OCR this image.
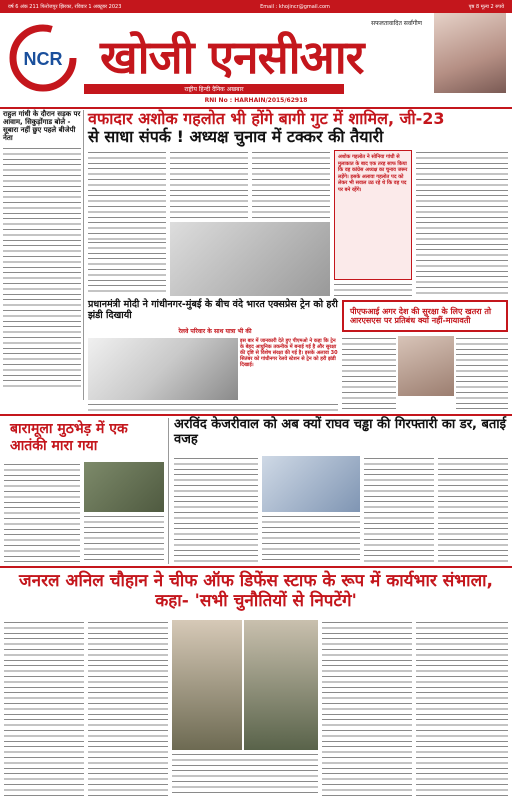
वर्ष 6 अंक 211 फिरोजपुर झिरका, रविवार 1 अक्टूबर 2023	Email : khojincr@gmail.com	पृष्ठ 8 मूल्य 2 रुपये
NCR
सफलतावादित सर्वांगीण
खोजी एनसीआर
राष्ट्रीय हिन्दी दैनिक अखबार
RNI No : HARHAIN/2015/62918
राहुल गांधी के दौरान सड़क पर आवाम, सिकुड़ोंगाड बोले - सूबारा नहीं छुए पहले बीजेपी नेता
वफादार अशोक गहलोत भी होंगे बागी गुट में शामिल, जी-23
से साधा संपर्क ! अध्यक्ष चुनाव में टक्कर की तैयारी
अशोक गहलोत ने सोनिया गांधी से मुलाकात के बाद एक तरह साफ किया कि वह कांग्रेस अध्यक्ष का चुनाव जरूर लड़ेंगे। इसके अलावा गहलोत पद को लेकर भी सवाल उठ रहे थे कि वह पद पर बने रहेंगे।
प्रधानमंत्री मोदी ने गांधीनगर-मुंबई के बीच वंदे भारत एक्सप्रेस ट्रेन को हरी झंडी दिखायी
रेलवे परिवार के साथ यात्रा भी की
इस बार में जानकारी देते हुए पीएमओ ने कहा कि ट्रेन के बेहद आधुनिक तकनीक में बनाई गई है और सुरक्षा की दृष्टि से विशेष संरक्षा की गई है। इसके अलावा 30 सितंबर को गांधीनगर रेलवे स्टेशन से ट्रेन को हरी झंडी दिखाई।
पीएफआई अगर देश की सुरक्षा के लिए खतरा तो आरएसएस पर प्रतिबंध क्यों नहीं-मायावती
बारामूला मुठभेड़ में एक आतंकी मारा गया
अरविंद केजरीवाल को अब क्यों राघव चड्ढा की गिरफ्तारी का डर, बताई वजह
जनरल अनिल चौहान ने चीफ ऑफ डिफेंस स्टाफ के रूप में कार्यभार संभाला, कहा- 'सभी चुनौतियों से निपटेंगे'
